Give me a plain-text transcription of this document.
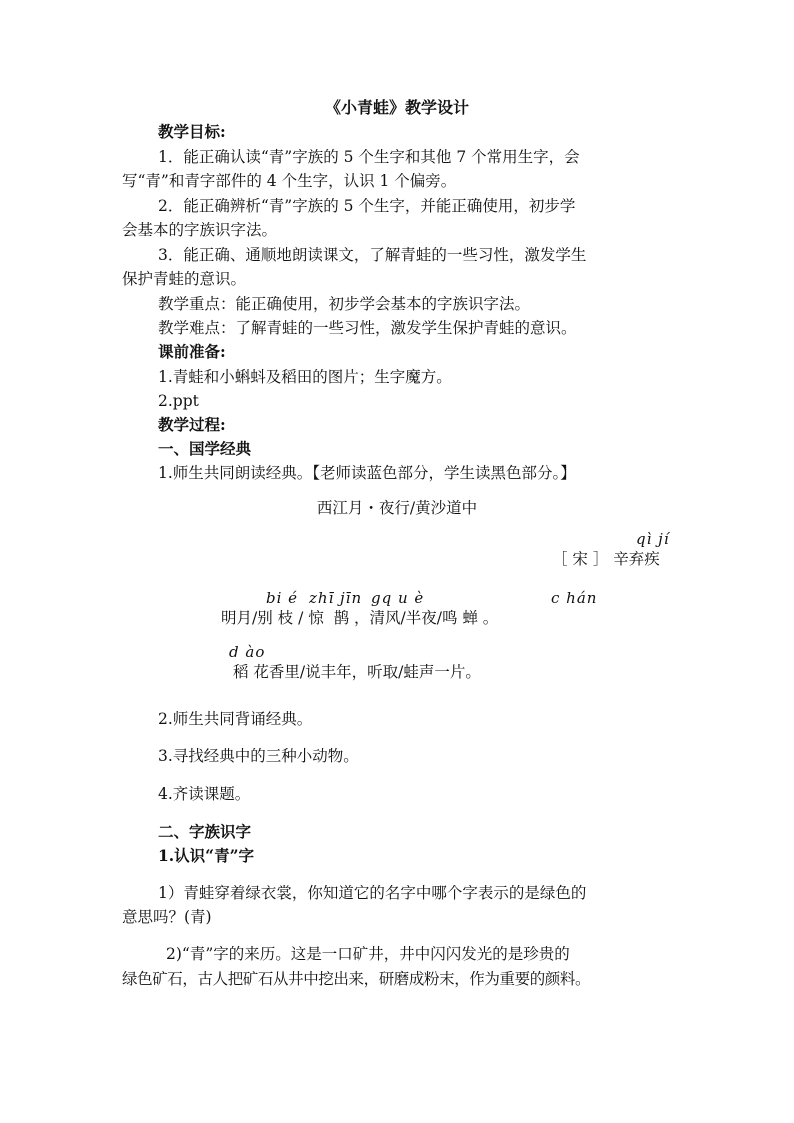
《小青蛙》教学设计
教学目标:
1．能正确认读“青”字族的 5 个生字和其他 7 个常用生字，会
写“青”和青字部件的 4 个生字，认识 1 个偏旁。
2．能正确辨析“青”字族的 5 个生字，并能正确使用，初步学
会基本的字族识字法。
3．能正确、通顺地朗读课文，了解青蛙的一些习性，激发学生
保护青蛙的意识。
教学重点：能正确使用，初步学会基本的字族识字法。
教学难点：了解青蛙的一些习性，激发学生保护青蛙的意识。
课前准备:
1.青蛙和小蝌蚪及稻田的图片；生字魔方。
2.ppt
教学过程:
一、国学经典
1.师生共同朗读经典。【老师读蓝色部分，学生读黑色部分。】
西江月・夜行/黄沙道中
qì jí
［ 宋 ］ 辛弃疾
bi é zhī jīn gq u è	c hán
明月/别 枝 / 惊  鹊 ，清风/半夜/鸣 蝉 。
d ào
稻 花香里/说丰年，听取/蛙声一片。
2.师生共同背诵经典。
3.寻找经典中的三种小动物。
4.齐读课题。
二、字族识字
1.认识“青”字
1）青蛙穿着绿衣裳，你知道它的名字中哪个字表示的是绿色的
意思吗？(青)
2)“青”字的来历。这是一口矿井，井中闪闪发光的是珍贵的
绿色矿石，古人把矿石从井中挖出来，研磨成粉末，作为重要的颜料。
